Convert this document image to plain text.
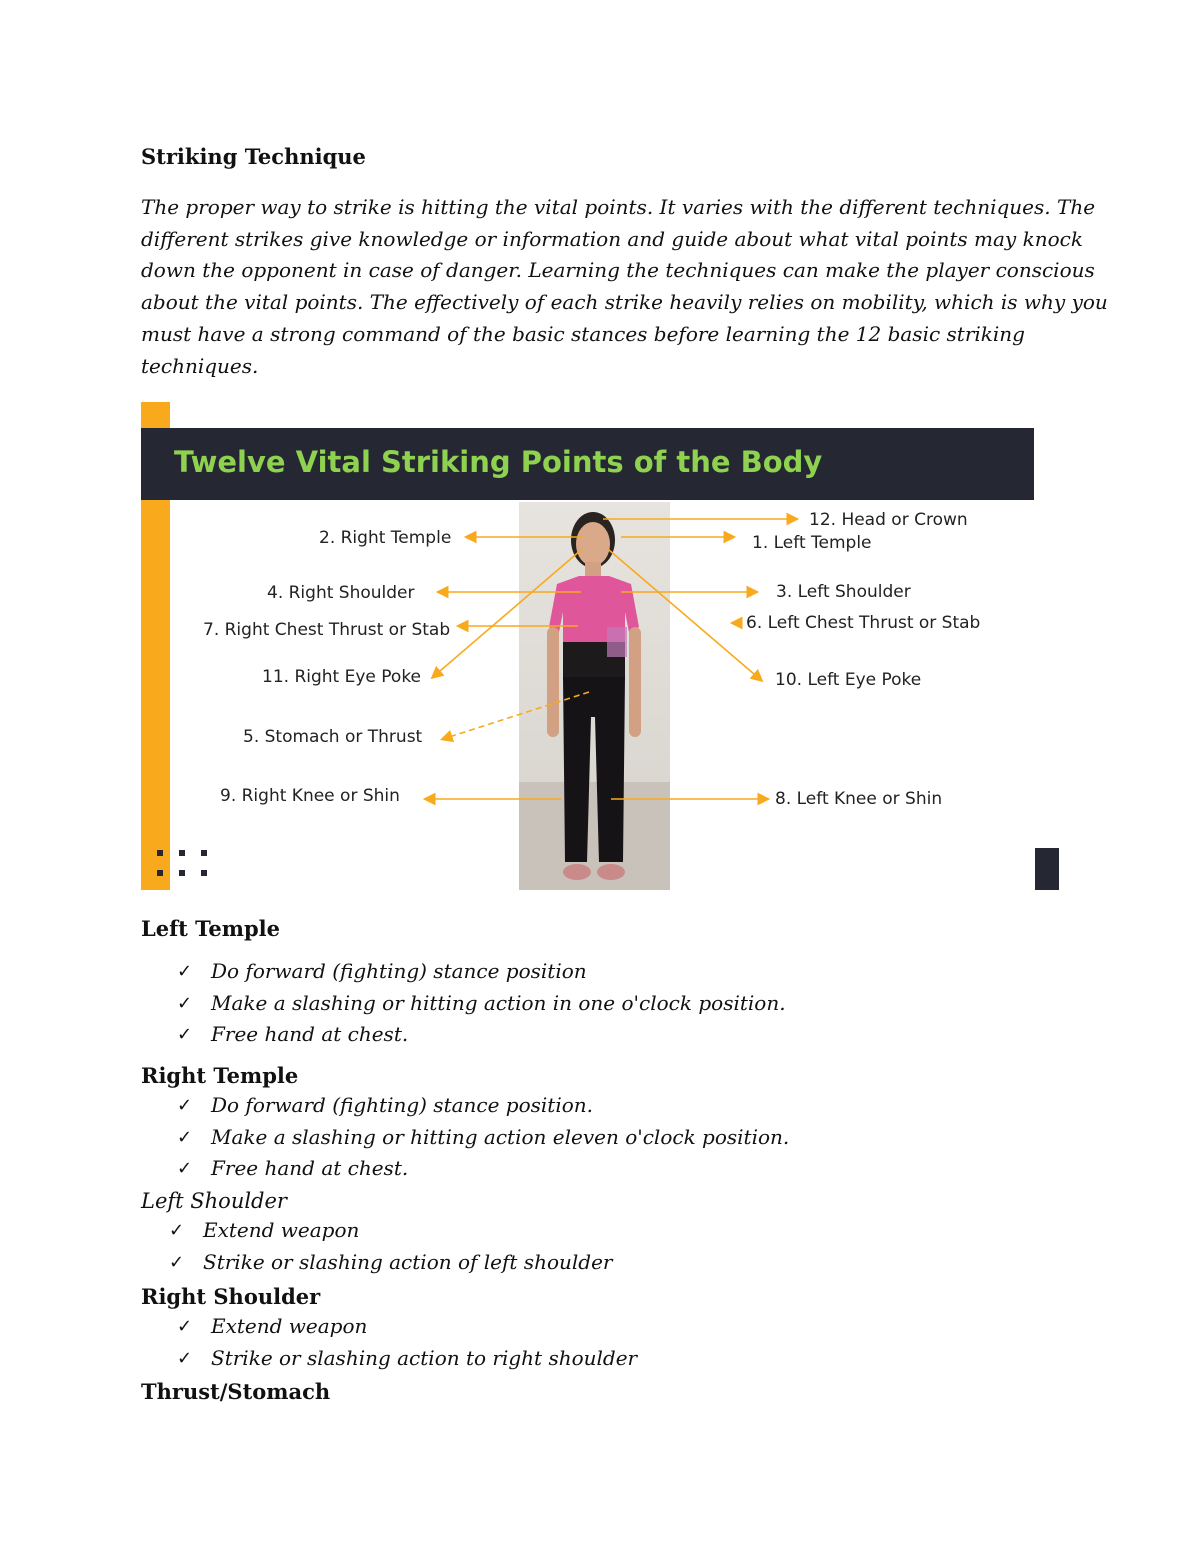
Striking Technique
The proper way to strike is hitting the vital points. It varies with the different techniques. The
different strikes give knowledge or information and guide about what vital points may knock
down the opponent in case of danger. Learning the techniques can make the player conscious
about the vital points. The effectively of each strike heavily relies on mobility, which is why you
must have a strong command of the basic stances before learning the 12 basic striking
techniques.
Twelve Vital Striking Points of the Body
2. Right Temple
4. Right Shoulder
7. Right Chest Thrust or Stab
11. Right Eye Poke
5. Stomach or Thrust
9. Right Knee or Shin
12. Head or Crown
1. Left Temple
3. Left Shoulder
6. Left Chest Thrust or Stab
10. Left Eye Poke
8. Left Knee or Shin
Left Temple
✓ Do forward (fighting) stance position
✓ Make a slashing or hitting action in one o'clock position.
✓ Free hand at chest.
Right Temple
✓ Do forward (fighting) stance position.
✓ Make a slashing or hitting action eleven o'clock position.
✓ Free hand at chest.
Left Shoulder
✓ Extend weapon
✓ Strike or slashing action of left shoulder
Right Shoulder
✓ Extend weapon
✓ Strike or slashing action to right shoulder
Thrust/Stomach
